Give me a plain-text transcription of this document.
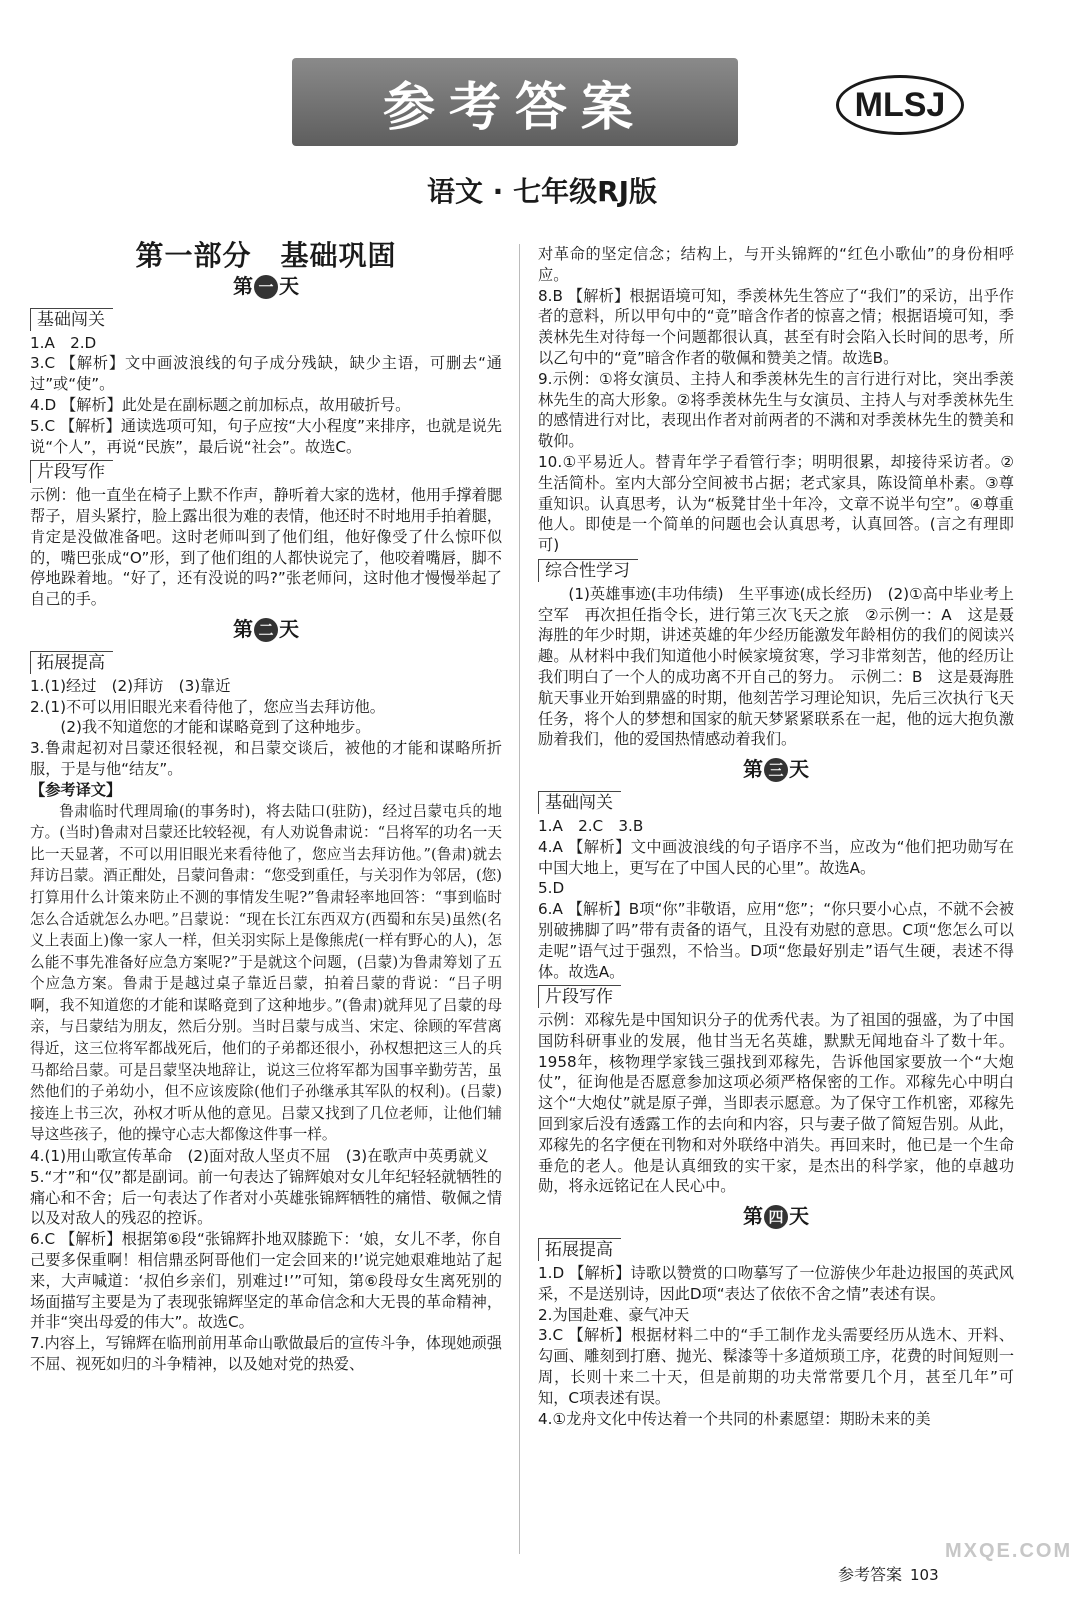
参考答案	MLSJ
语文 · 七年级RJ版
第一部分　基础巩固
第 一 天
基础闯关

1.A　2.D

3.C 【解析】文中画波浪线的句子成分残缺，缺少主语，可删去“通过”或“使”。

4.D 【解析】此处是在副标题之前加标点，故用破折号。

5.C 【解析】通读选项可知，句子应按“大小程度”来排序，也就是说先说“个人”，再说“民族”，最后说“社会”。故选C。

片段写作

示例：他一直坐在椅子上默不作声，静听着大家的选材，他用手撑着腮帮子，眉头紧拧，脸上露出很为难的表情，他还时不时地用手拍着腿，肯定是没做准备吧。这时老师叫到了他们组，他好像受了什么惊吓似的，嘴巴张成“O”形，到了他们组的人都快说完了，他咬着嘴唇，脚不停地跺着地。“好了，还有没说的吗?”张老师问，这时他才慢慢举起了自己的手。

第 二 天
拓展提高

1.(1)经过　(2)拜访　(3)靠近

2.(1)不可以用旧眼光来看待他了，您应当去拜访他。

(2)我不知道您的才能和谋略竟到了这种地步。

3.鲁肃起初对吕蒙还很轻视，和吕蒙交谈后，被他的才能和谋略所折服，于是与他“结友”。

【参考译文】

鲁肃临时代理周瑜(的事务时)，将去陆口(驻防)，经过吕蒙屯兵的地方。(当时)鲁肃对吕蒙还比较轻视，有人劝说鲁肃说：“吕将军的功名一天比一天显著，不可以用旧眼光来看待他了，您应当去拜访他。”(鲁肃)就去拜访吕蒙。酒正酣处，吕蒙问鲁肃：“您受到重任，与关羽作为邻居，(您)打算用什么计策来防止不测的事情发生呢?”鲁肃轻率地回答：“事到临时怎么合适就怎么办吧。”吕蒙说：“现在长江东西双方(西蜀和东吴)虽然(名义上表面上)像一家人一样，但关羽实际上是像熊虎(一样有野心的人)，怎么能不事先准备好应急方案呢?”于是就这个问题，(吕蒙)为鲁肃筹划了五个应急方案。鲁肃于是越过桌子靠近吕蒙，拍着吕蒙的背说：“吕子明啊，我不知道您的才能和谋略竟到了这种地步。”(鲁肃)就拜见了吕蒙的母亲，与吕蒙结为朋友，然后分别。当时吕蒙与成当、宋定、徐顾的军营离得近，这三位将军都战死后，他们的子弟都还很小，孙权想把这三人的兵马都给吕蒙。可是吕蒙坚决地辞让，说这三位将军都为国事辛勤劳苦，虽然他们的子弟幼小，但不应该废除(他们子孙继承其军队的权利)。(吕蒙)接连上书三次，孙权才听从他的意见。吕蒙又找到了几位老师，让他们辅导这些孩子，他的操守心志大都像这件事一样。

4.(1)用山歌宣传革命　(2)面对敌人坚贞不屈　(3)在歌声中英勇就义

5.“才”和“仅”都是副词。前一句表达了锦辉娘对女儿年纪轻轻就牺牲的痛心和不舍；后一句表达了作者对小英雄张锦辉牺牲的痛惜、敬佩之情以及对敌人的残忍的控诉。

6.C 【解析】根据第⑥段“张锦辉扑地双膝跪下：‘娘，女儿不孝，你自己要多保重啊！相信鼎丞阿哥他们一定会回来的!’说完她艰难地站了起来，大声喊道：‘叔伯乡亲们，别难过!’”可知，第⑥段母女生离死别的场面描写主要是为了表现张锦辉坚定的革命信念和大无畏的革命精神，并非“突出母爱的伟大”。故选C。

7.内容上，写锦辉在临刑前用革命山歌做最后的宣传斗争，体现她顽强不屈、视死如归的斗争精神，以及她对党的热爱、

对革命的坚定信念；结构上，与开头锦辉的“红色小歌仙”的身份相呼应。

8.B 【解析】根据语境可知，季羡林先生答应了“我们”的采访，出乎作者的意料，所以甲句中的“竟”暗含作者的惊喜之情；根据语境可知，季羡林先生对待每一个问题都很认真，甚至有时会陷入长时间的思考，所以乙句中的“竟”暗含作者的敬佩和赞美之情。故选B。

9.示例：①将女演员、主持人和季羡林先生的言行进行对比，突出季羡林先生的高大形象。②将季羡林先生与女演员、主持人与对季羡林先生的感情进行对比，表现出作者对前两者的不满和对季羡林先生的赞美和敬仰。

10.①平易近人。替青年学子看管行李；明明很累，却接待采访者。②生活简朴。室内大部分空间被书占据；老式家具，陈设简单朴素。③尊重知识。认真思考，认为“板凳甘坐十年冷，文章不说半句空”。④尊重他人。即使是一个简单的问题也会认真思考，认真回答。(言之有理即可)

综合性学习

(1)英雄事迹(丰功伟绩)　生平事迹(成长经历)　(2)①高中毕业考上空军　再次担任指令长，进行第三次飞天之旅　②示例一：A　这是聂海胜的年少时期，讲述英雄的年少经历能激发年龄相仿的我们的阅读兴趣。从材料中我们知道他小时候家境贫寒，学习非常刻苦，他的经历让我们明白了一个人的成功离不开自己的努力。　示例二：B　这是聂海胜航天事业开始到鼎盛的时期，他刻苦学习理论知识，先后三次执行飞天任务，将个人的梦想和国家的航天梦紧紧联系在一起，他的远大抱负激励着我们，他的爱国热情感动着我们。

第 三 天
基础闯关

1.A　2.C　3.B

4.A 【解析】文中画波浪线的句子语序不当，应改为“他们把功勋写在中国大地上，更写在了中国人民的心里”。故选A。

5.D

6.A 【解析】B项“你”非敬语，应用“您”；“你只要小心点，不就不会被别破拂脚了吗”带有责备的语气，且没有劝慰的意思。C项“您怎么可以走呢”语气过于强烈，不恰当。D项“您最好别走”语气生硬，表述不得体。故选A。

片段写作

示例：邓稼先是中国知识分子的优秀代表。为了祖国的强盛，为了中国国防科研事业的发展，他甘当无名英雄，默默无闻地奋斗了数十年。1958年，核物理学家钱三强找到邓稼先，告诉他国家要放一个“大炮仗”，征询他是否愿意参加这项必须严格保密的工作。邓稼先心中明白这个“大炮仗”就是原子弹，当即表示愿意。为了保守工作机密，邓稼先回到家后没有透露工作的去向和内容，只与妻子做了简短告别。从此，邓稼先的名字便在刊物和对外联络中消失。再回来时，他已是一个生命垂危的老人。他是认真细致的实干家，是杰出的科学家，他的卓越功勋，将永远铭记在人民心中。

第 四 天
拓展提高

1.D 【解析】诗歌以赞赏的口吻摹写了一位游侠少年赴边报国的英武风采，不是送别诗，因此D项“表达了依依不舍之情”表述有误。

2.为国赴难、豪气冲天

3.C 【解析】根据材料二中的“手工制作龙头需要经历从选木、开料、勾画、雕刻到打磨、抛光、髹漆等十多道烦琐工序，花费的时间短则一周，长则十来二十天，但是前期的功夫常常要几个月，甚至几年”可知，C项表述有误。

4.①龙舟文化中传达着一个共同的朴素愿望：期盼未来的美

参考答案 103
MXQE.COM
